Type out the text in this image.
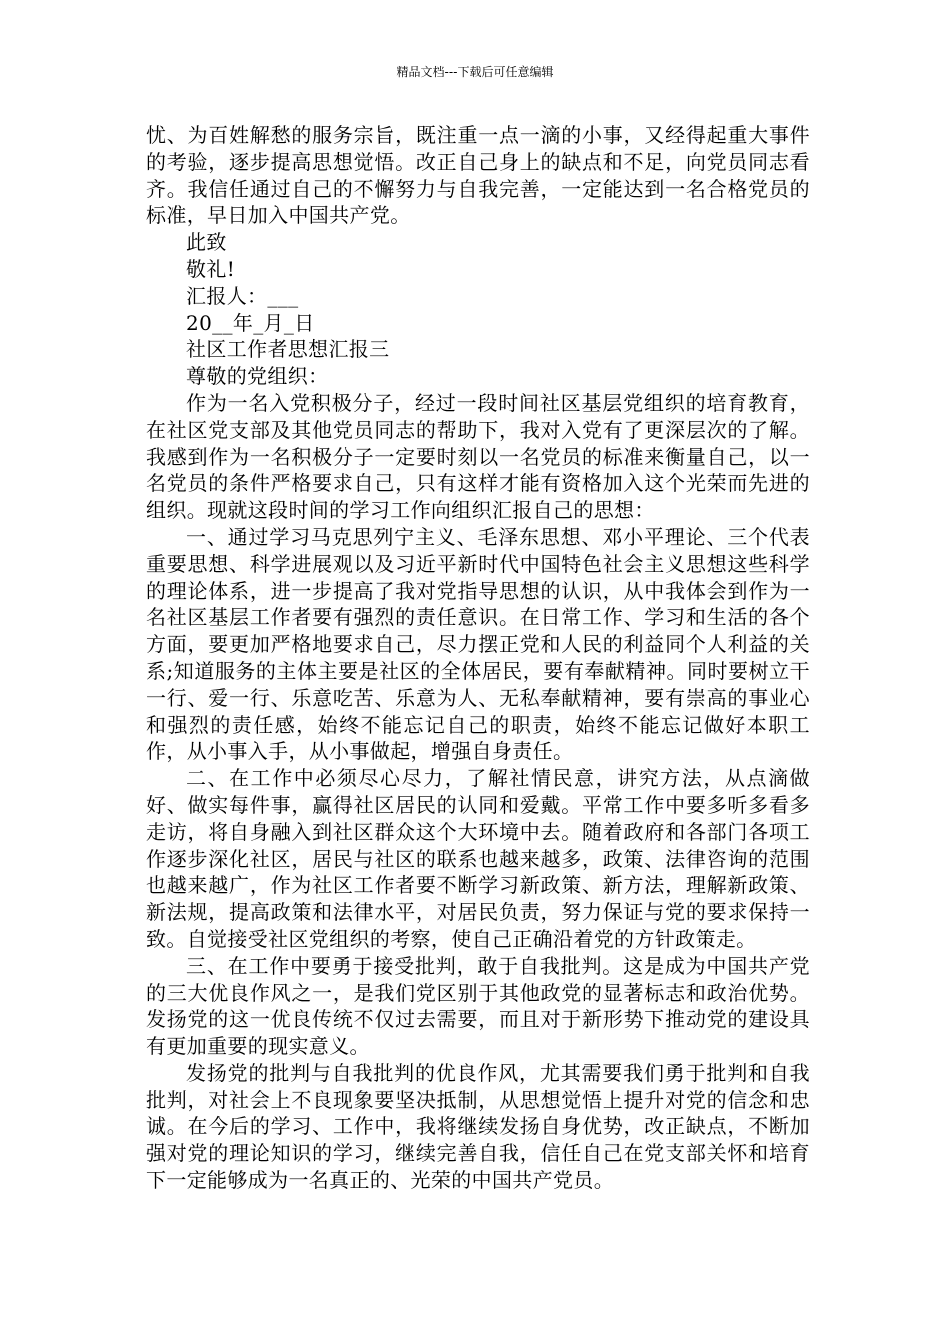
精品文档---下载后可任意编辑

忧、为百姓解愁的服务宗旨，既注重一点一滴的小事，又经得起重大事件的考验，逐步提高思想觉悟。改正自己身上的缺点和不足，向党员同志看齐。我信任通过自己的不懈努力与自我完善，一定能达到一名合格党员的标准，早日加入中国共产党。

此致
敬礼!
汇报人：___
20__年_月_日
社区工作者思想汇报三
尊敬的党组织：

作为一名入党积极分子，经过一段时间社区基层党组织的培育教育，在社区党支部及其他党员同志的帮助下，我对入党有了更深层次的了解。我感到作为一名积极分子一定要时刻以一名党员的标准来衡量自己，以一名党员的条件严格要求自己，只有这样才能有资格加入这个光荣而先进的组织。现就这段时间的学习工作向组织汇报自己的思想：

一、通过学习马克思列宁主义、毛泽东思想、邓小平理论、三个代表重要思想、科学进展观以及习近平新时代中国特色社会主义思想这些科学的理论体系，进一步提高了我对党指导思想的认识，从中我体会到作为一名社区基层工作者要有强烈的责任意识。在日常工作、学习和生活的各个方面，要更加严格地要求自己，尽力摆正党和人民的利益同个人利益的关系;知道服务的主体主要是社区的全体居民，要有奉献精神。同时要树立干一行、爱一行、乐意吃苦、乐意为人、无私奉献精神，要有崇高的事业心和强烈的责任感，始终不能忘记自己的职责，始终不能忘记做好本职工作，从小事入手，从小事做起，增强自身责任。

二、在工作中必须尽心尽力，了解社情民意，讲究方法，从点滴做好、做实每件事，赢得社区居民的认同和爱戴。平常工作中要多听多看多走访，将自身融入到社区群众这个大环境中去。随着政府和各部门各项工作逐步深化社区，居民与社区的联系也越来越多，政策、法律咨询的范围也越来越广，作为社区工作者要不断学习新政策、新方法，理解新政策、新法规，提高政策和法律水平，对居民负责，努力保证与党的要求保持一致。自觉接受社区党组织的考察，使自己正确沿着党的方针政策走。

三、在工作中要勇于接受批判，敢于自我批判。这是成为中国共产党的三大优良作风之一，是我们党区别于其他政党的显著标志和政治优势。发扬党的这一优良传统不仅过去需要，而且对于新形势下推动党的建设具有更加重要的现实意义。

发扬党的批判与自我批判的优良作风，尤其需要我们勇于批判和自我批判，对社会上不良现象要坚决抵制，从思想觉悟上提升对党的信念和忠诚。在今后的学习、工作中，我将继续发扬自身优势，改正缺点，不断加强对党的理论知识的学习，继续完善自我，信任自己在党支部关怀和培育下一定能够成为一名真正的、光荣的中国共产党员。
